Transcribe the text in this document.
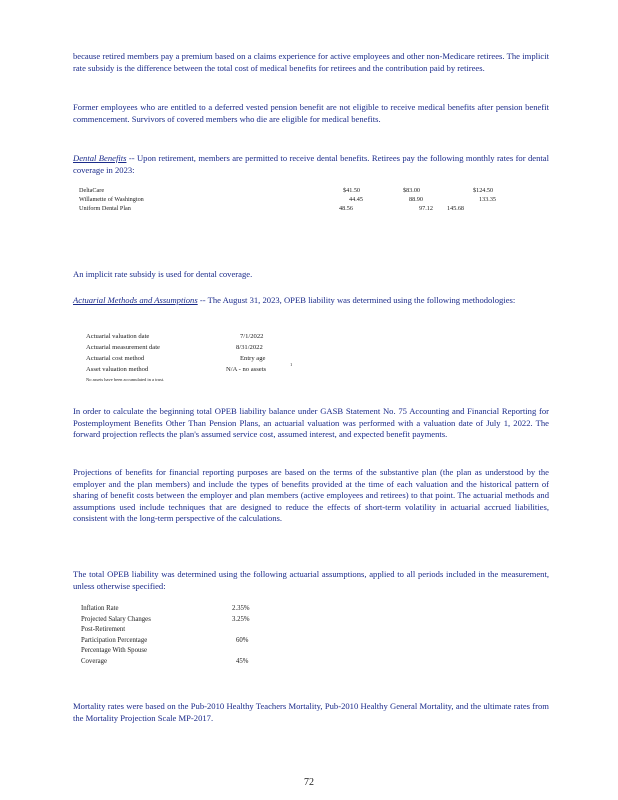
because retired members pay a premium based on a claims experience for active employees and other non-Medicare retirees. The implicit rate subsidy is the difference between the total cost of medical benefits for retirees and the contribution paid by retirees.
Former employees who are entitled to a deferred vested pension benefit are not eligible to receive medical benefits after pension benefit commencement. Survivors of covered members who die are eligible for medical benefits.
Dental Benefits -- Upon retirement, members are permitted to receive dental benefits. Retirees pay the following monthly rates for dental coverage in 2023:
DeltaCare	$41.50	$83.00	$124.50
Willamette of Washington	44.45	88.90	133.35
Uniform Dental Plan	48.56	97.12 145.68
An implicit rate subsidy is used for dental coverage.
Actuarial Methods and Assumptions -- The August 31, 2023, OPEB liability was determined using the following methodologies:
Actuarial valuation date	7/1/2022
Actuarial measurement date	8/31/2022
Actuarial cost method	Entry age
Asset valuation method	N/A - no assets
1
No assets have been accumulated in a trust.
In order to calculate the beginning total OPEB liability balance under GASB Statement No. 75 Accounting and Financial Reporting for Postemployment Benefits Other Than Pension Plans, an actuarial valuation was performed with a valuation date of July 1, 2022. The forward projection reflects the plan's assumed service cost, assumed interest, and expected benefit payments.
Projections of benefits for financial reporting purposes are based on the terms of the substantive plan (the plan as understood by the employer and the plan members) and include the types of benefits provided at the time of each valuation and the historical pattern of sharing of benefit costs between the employer and plan members (active employees and retirees) to that point. The actuarial methods and assumptions used include techniques that are designed to reduce the effects of short-term volatility in actuarial accrued liabilities, consistent with the long-term perspective of the calculations.
The total OPEB liability was determined using the following actuarial assumptions, applied to all periods included in the measurement, unless otherwise specified:
Inflation Rate	2.35%
Projected Salary Changes	3.25%
Post-Retirement
Participation Percentage	60%
Percentage With Spouse
Coverage	45%
Mortality rates were based on the Pub-2010 Healthy Teachers Mortality, Pub-2010 Healthy General Mortality, and the ultimate rates from the Mortality Projection Scale MP-2017.
72
